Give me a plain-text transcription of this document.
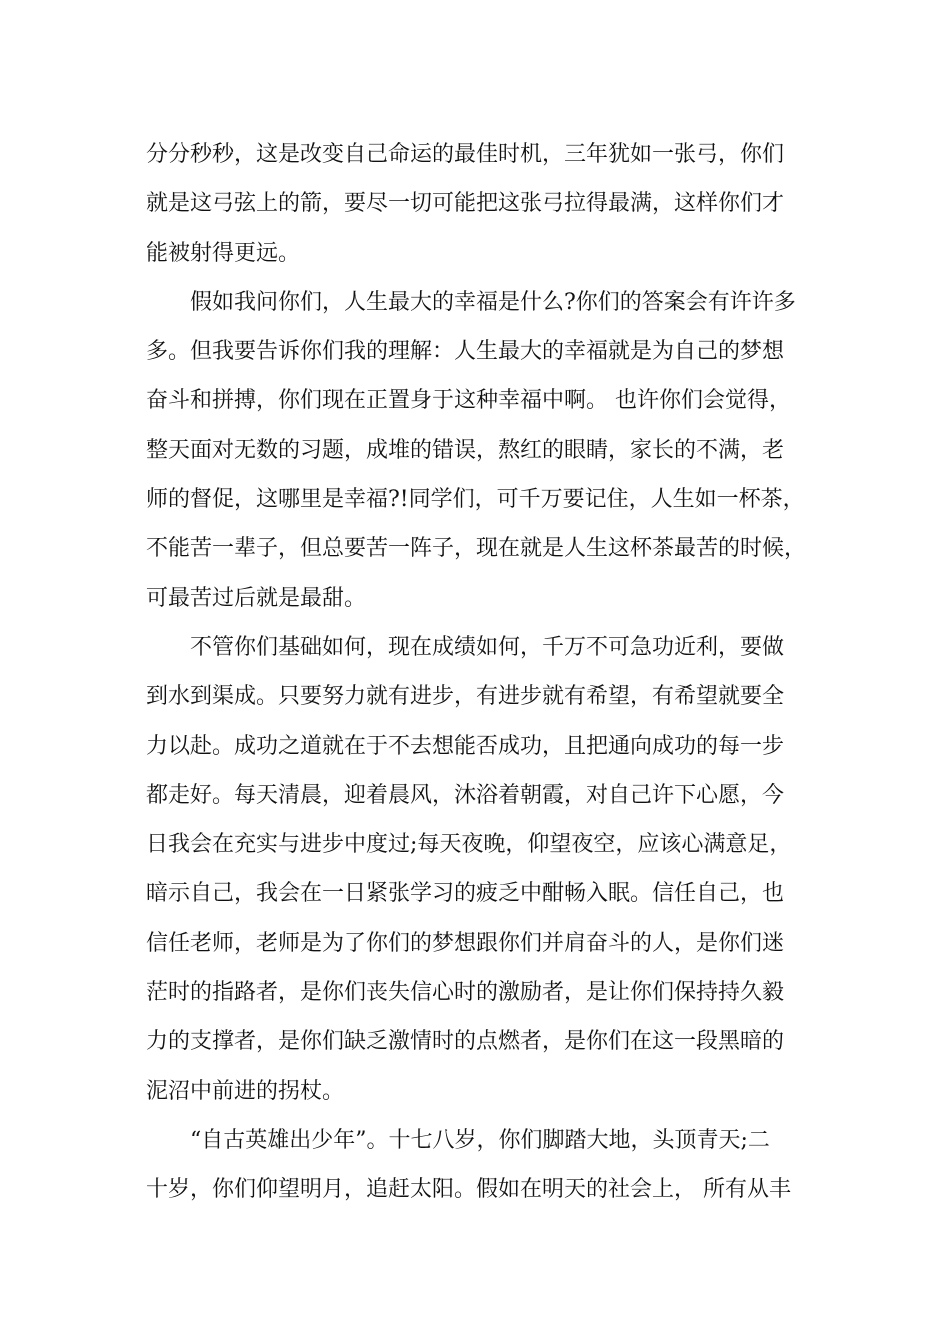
分分秒秒，这是改变自己命运的最佳时机，三年犹如一张弓，你们
就是这弓弦上的箭，要尽一切可能把这张弓拉得最满，这样你们才
能被射得更远。
假如我问你们，人生最大的幸福是什么?你们的答案会有许许多
多。但我要告诉你们我的理解：人生最大的幸福就是为自己的梦想
奋斗和拼搏，你们现在正置身于这种幸福中啊。 也许你们会觉得，
整天面对无数的习题，成堆的错误，熬红的眼睛，家长的不满，老
师的督促，这哪里是幸福?!同学们，可千万要记住，人生如一杯茶，
不能苦一辈子，但总要苦一阵子，现在就是人生这杯茶最苦的时候，
可最苦过后就是最甜。
不管你们基础如何，现在成绩如何，千万不可急功近利，要做
到水到渠成。只要努力就有进步，有进步就有希望，有希望就要全
力以赴。成功之道就在于不去想能否成功，且把通向成功的每一步
都走好。每天清晨，迎着晨风，沐浴着朝霞，对自己许下心愿，今
日我会在充实与进步中度过;每天夜晚，仰望夜空，应该心满意足，
暗示自己，我会在一日紧张学习的疲乏中酣畅入眠。信任自己，也
信任老师，老师是为了你们的梦想跟你们并肩奋斗的人，是你们迷
茫时的指路者，是你们丧失信心时的激励者，是让你们保持持久毅
力的支撑者，是你们缺乏激情时的点燃者，是你们在这一段黑暗的
泥沼中前进的拐杖。
“自古英雄出少年”。十七八岁，你们脚踏大地，头顶青天;二
十岁，你们仰望明月，追赶太阳。假如在明天的社会上， 所有从丰
